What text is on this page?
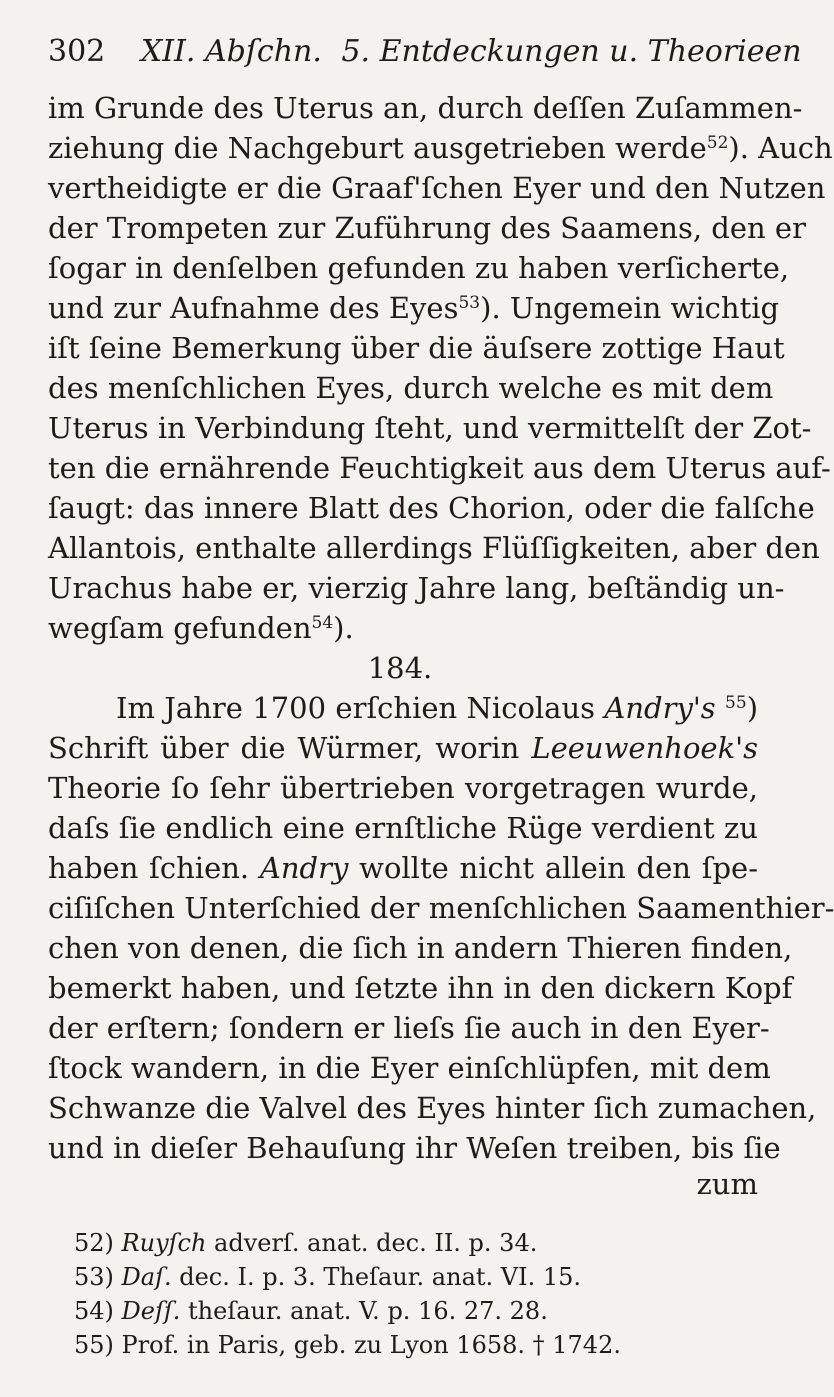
302 XII. Abſchn. 5. Entdeckungen u. Theorieen
im Grunde des Uterus an, durch deſſen Zuſammen-
ziehung die Nachgeburt ausgetrieben werde$^{52}$). Auch
vertheidigte er die Graaf'ſchen Eyer und den Nutzen
der Trompeten zur Zuführung des Saamens, den er
ſogar in denſelben gefunden zu haben verſicherte,
und zur Aufnahme des Eyes$^{53}$). Ungemein wichtig
iſt ſeine Bemerkung über die äuſsere zottige Haut
des menſchlichen Eyes, durch welche es mit dem
Uterus in Verbindung ſteht, und vermittelſt der Zot-
ten die ernährende Feuchtigkeit aus dem Uterus auf-
ſaugt: das innere Blatt des Chorion, oder die falſche
Allantois, enthalte allerdings Flüſſigkeiten, aber den
Urachus habe er, vierzig Jahre lang, beſtändig un-
wegſam gefunden$^{54}$).
184.
Im Jahre 1700 erſchien Nicolaus Andry's $^{55}$)
Schrift über die Würmer, worin Leeuwenhoek's
Theorie ſo ſehr übertrieben vorgetragen wurde,
daſs ſie endlich eine ernſtliche Rüge verdient zu
haben ſchien. Andry wollte nicht allein den ſpe-
ciſiſchen Unterſchied der menſchlichen Saamenthier-
chen von denen, die ſich in andern Thieren finden,
bemerkt haben, und ſetzte ihn in den dickern Kopf
der erſtern; ſondern er lieſs ſie auch in den Eyer-
ſtock wandern, in die Eyer einſchlüpfen, mit dem
Schwanze die Valvel des Eyes hinter ſich zumachen,
und in dieſer Behauſung ihr Weſen treiben, bis ſie
zum
52) Ruyſch adverſ. anat. dec. II. p. 34.
53) Daſ. dec. I. p. 3. Theſaur. anat. VI. 15.
54) Deſſ. theſaur. anat. V. p. 16. 27. 28.
55) Prof. in Paris, geb. zu Lyon 1658. † 1742.
